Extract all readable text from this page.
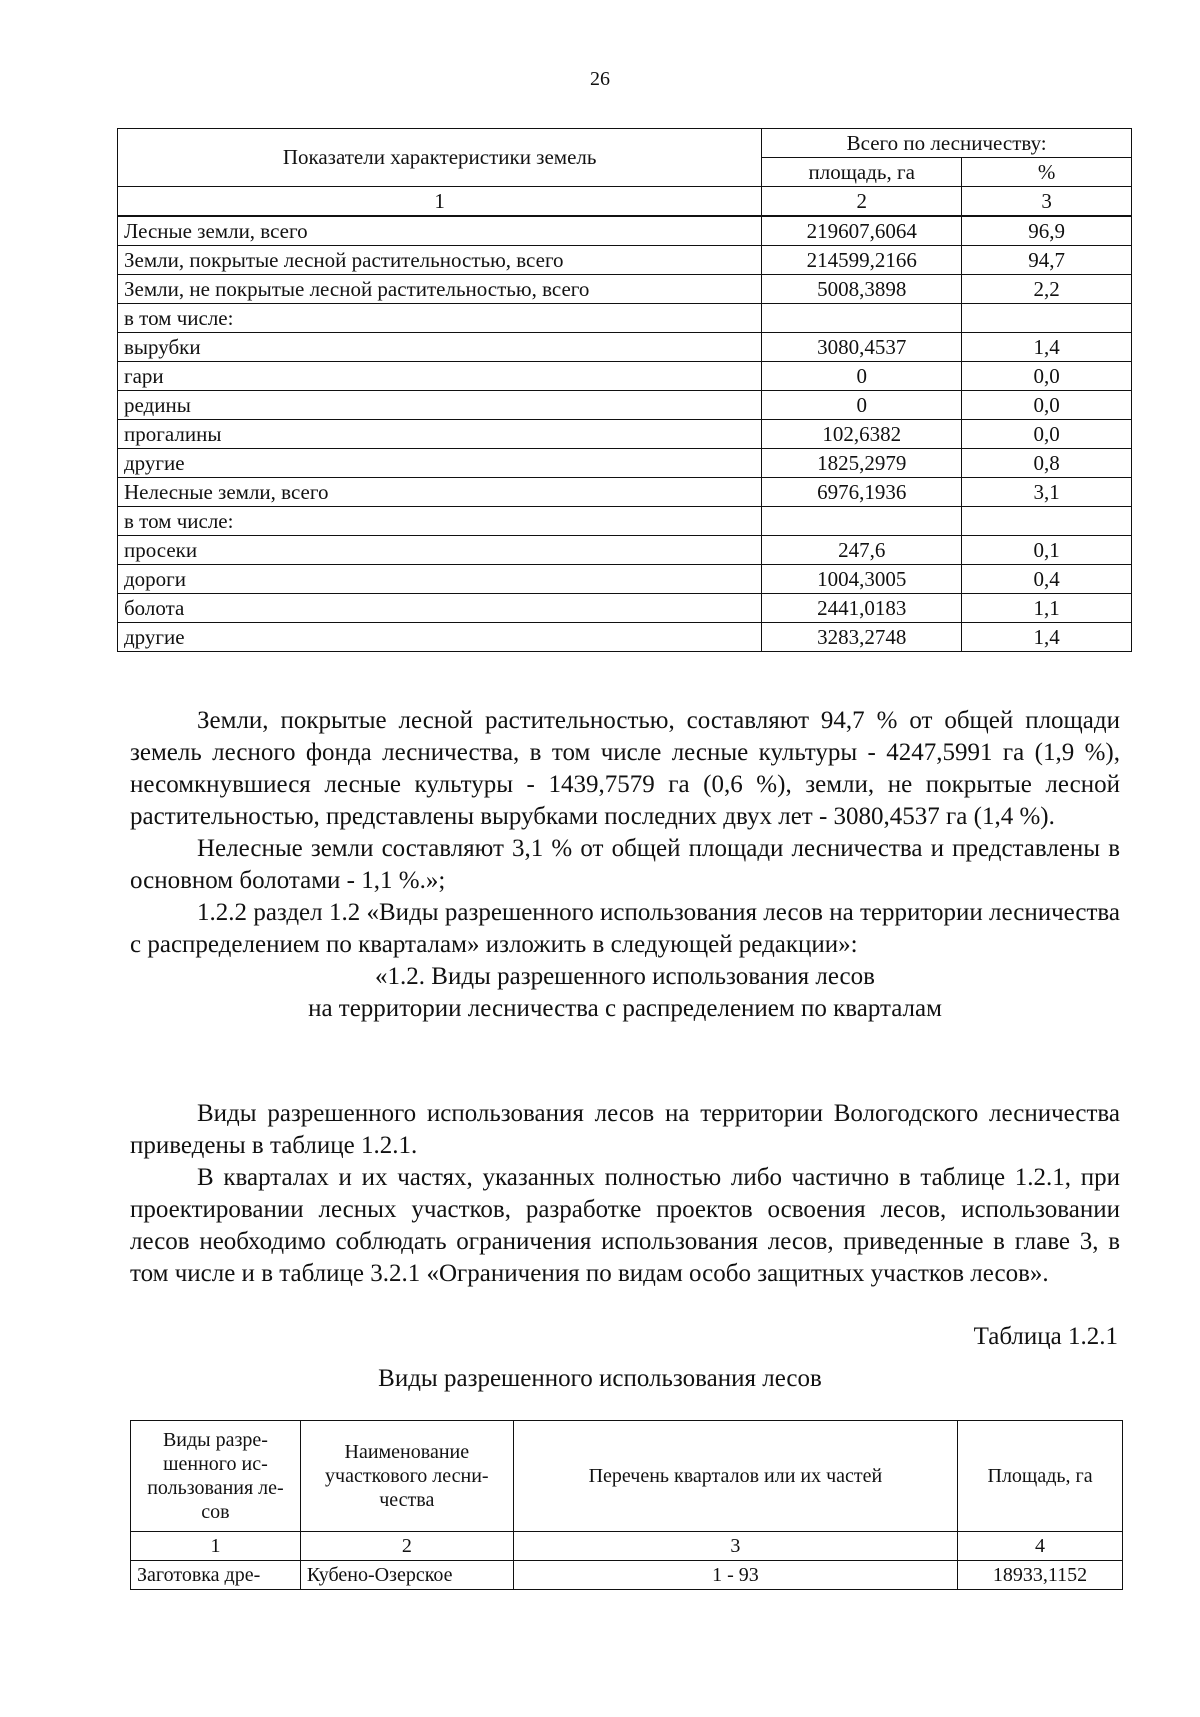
26
Показатели характеристики земель	Всего по лесничеству:	
	площадь, га	%
1	2	3
Лесные земли, всего	219607,6064	96,9
Земли, покрытые лесной растительностью, всего	214599,2166	94,7
Земли, не покрытые лесной растительностью, всего	5008,3898	2,2
в том числе:		
вырубки	3080,4537	1,4
гари	0	0,0
редины	0	0,0
прогалины	102,6382	0,0
другие	1825,2979	0,8
Нелесные земли, всего	6976,1936	3,1
в том числе:		
просеки	247,6	0,1
дороги	1004,3005	0,4
болота	2441,0183	1,1
другие	3283,2748	1,4

Земли, покрытые лесной растительностью, составляют 94,7 % от общей площади земель лесного фонда лесничества, в том числе лесные культуры - 4247,5991 га (1,9 %), несомкнувшиеся лесные культуры - 1439,7579 га (0,6 %), земли, не покрытые лесной растительностью, представлены вырубками последних двух лет - 3080,4537 га (1,4 %).

Нелесные земли составляют 3,1 % от общей площади лесничества и представлены в основном болотами - 1,1 %.»;

1.2.2 раздел 1.2 «Виды разрешенного использования лесов на территории лесничества с распределением по кварталам» изложить в следующей редакции»:

«1.2. Виды разрешенного использования лесов

на территории лесничества с распределением по кварталам

Виды разрешенного использования лесов на территории Вологодского лесничества приведены в таблице 1.2.1.

В кварталах и их частях, указанных полностью либо частично в таблице 1.2.1, при проектировании лесных участков, разработке проектов освоения лесов, использовании лесов необходимо соблюдать ограничения использования лесов, приведенные в главе 3, в том числе и в таблице 3.2.1 «Ограничения по видам особо защитных участков лесов».

Таблица 1.2.1
Виды разрешенного использования лесов
Виды разре-шенного ис-пользования ле-сов	Наименование участкового лесни-чества	Перечень кварталов или их частей	Площадь, га
1	2	3	4
Заготовка дре-	Кубено-Озерское	1 - 93	18933,1152
